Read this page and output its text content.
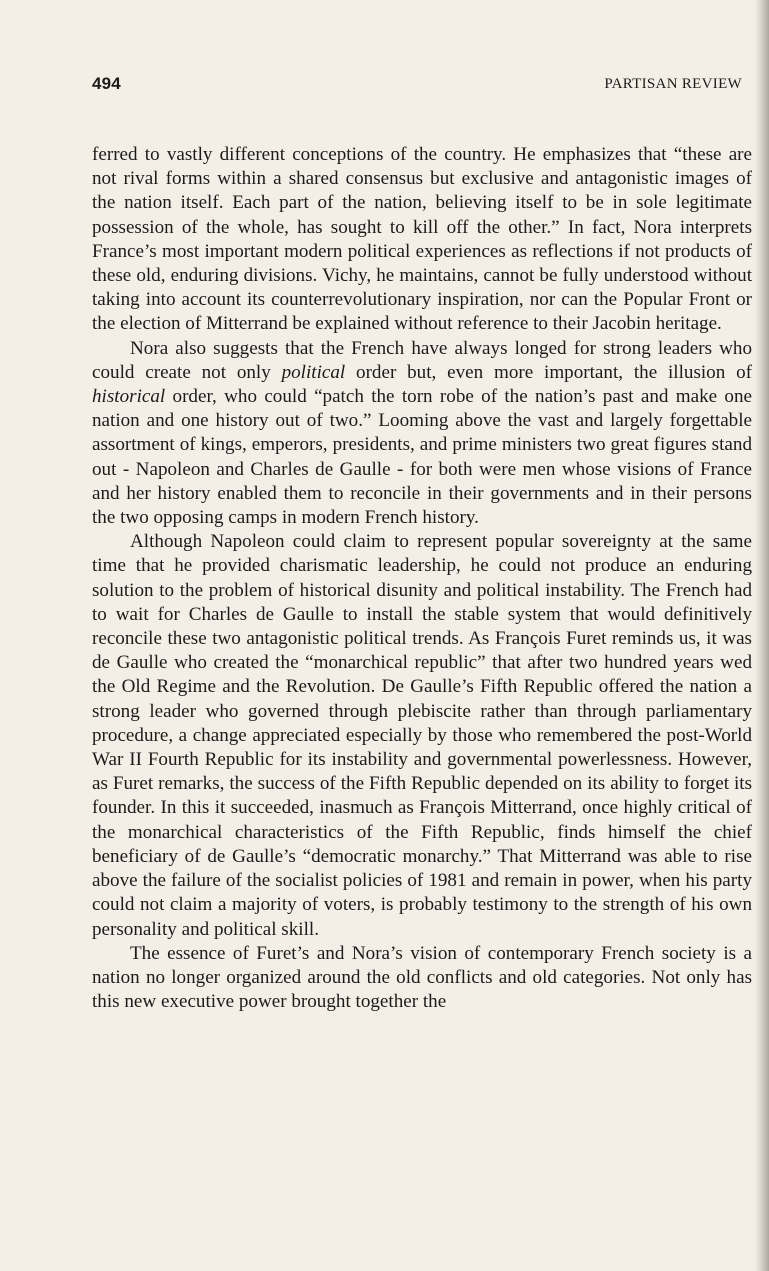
494	PARTISAN REVIEW

ferred to vastly different conceptions of the country. He emphasizes that “these are not rival forms within a shared consensus but exclusive and antagonistic images of the nation itself. Each part of the nation, believing itself to be in sole legitimate possession of the whole, has sought to kill off the other.” In fact, Nora interprets France’s most important modern political experiences as reflections if not products of these old, enduring divisions. Vichy, he maintains, cannot be fully understood without taking into account its counterrevolutionary inspiration, nor can the Popular Front or the election of Mitterrand be explained without reference to their Jacobin heritage.

Nora also suggests that the French have always longed for strong leaders who could create not only political order but, even more important, the illusion of historical order, who could “patch the torn robe of the nation’s past and make one nation and one history out of two.” Looming above the vast and largely forgettable assortment of kings, emperors, presidents, and prime ministers two great figures stand out - Napoleon and Charles de Gaulle - for both were men whose visions of France and her history enabled them to reconcile in their governments and in their persons the two opposing camps in modern French history.

Although Napoleon could claim to represent popular sovereignty at the same time that he provided charismatic leadership, he could not produce an enduring solution to the problem of historical disunity and political instability. The French had to wait for Charles de Gaulle to install the stable system that would definitively reconcile these two antagonistic political trends. As François Furet reminds us, it was de Gaulle who created the “monarchical republic” that after two hundred years wed the Old Regime and the Revolution. De Gaulle’s Fifth Republic offered the nation a strong leader who governed through plebiscite rather than through parliamentary procedure, a change appreciated especially by those who remembered the post-World War II Fourth Republic for its instability and governmental powerlessness. However, as Furet remarks, the success of the Fifth Republic depended on its ability to forget its founder. In this it succeeded, inasmuch as François Mitterrand, once highly critical of the monarchical characteristics of the Fifth Republic, finds himself the chief beneficiary of de Gaulle’s “democratic monarchy.” That Mitterrand was able to rise above the failure of the socialist policies of 1981 and remain in power, when his party could not claim a majority of voters, is probably testimony to the strength of his own personality and political skill.

The essence of Furet’s and Nora’s vision of contemporary French society is a nation no longer organized around the old conflicts and old categories. Not only has this new executive power brought together the
